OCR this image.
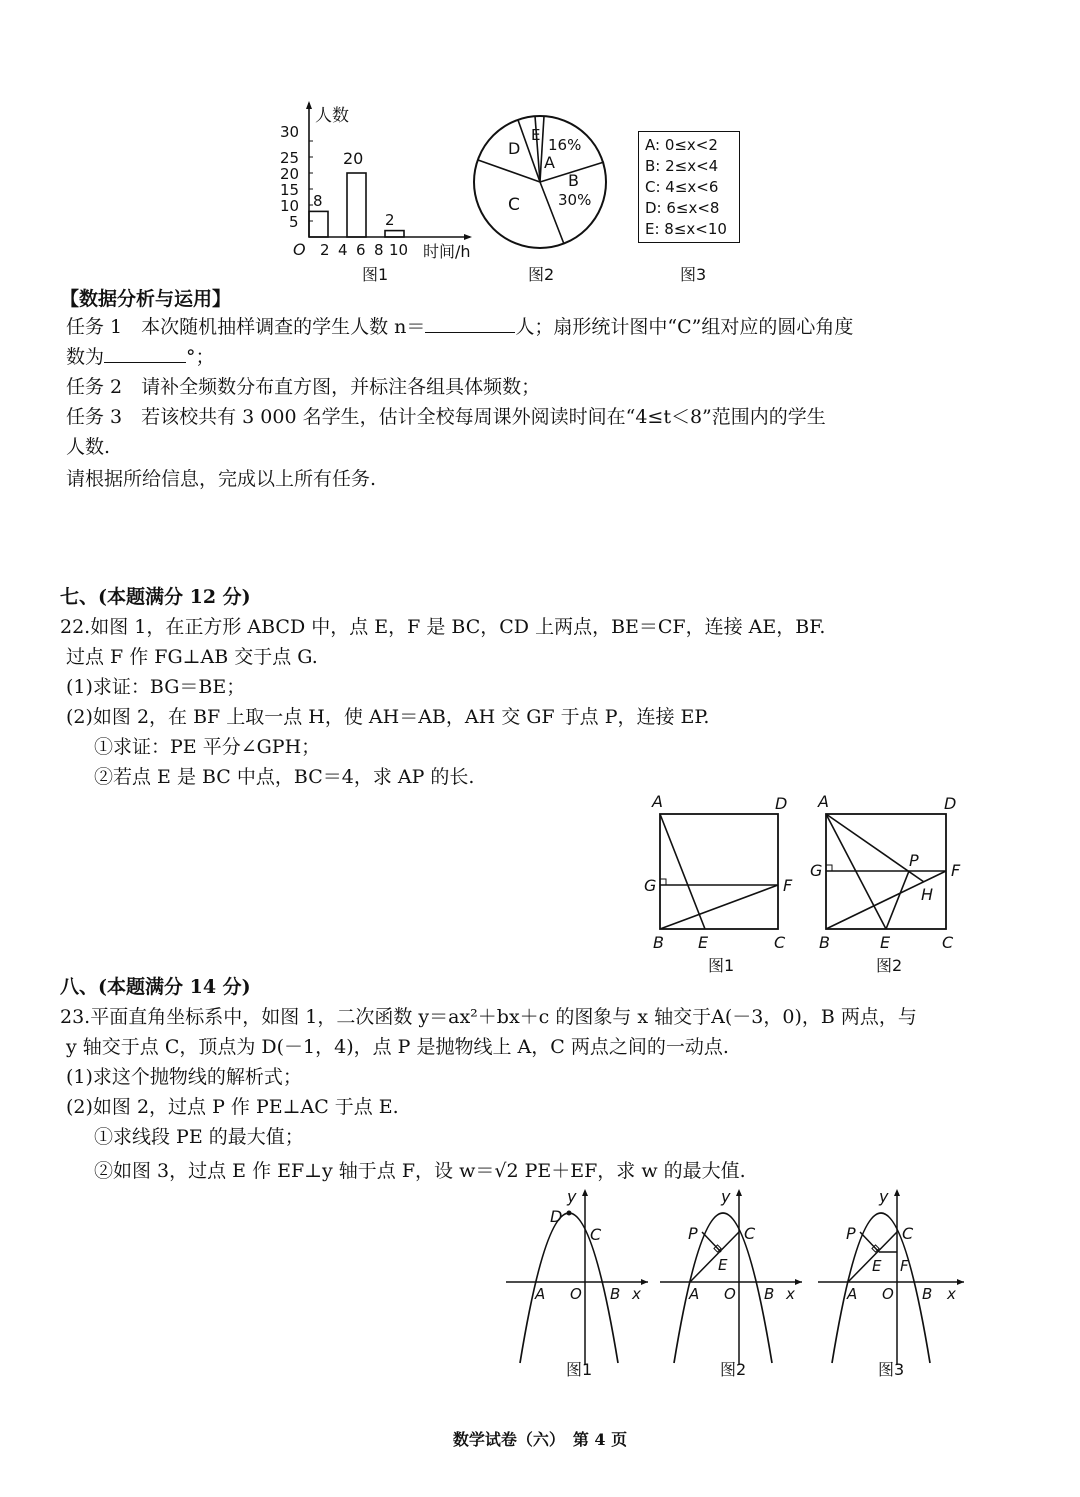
人数
时间/h
O
5
10
15
20
25
30
2 4 6 8 10
8
20
2
图1
D
E
A
16%
B
30%
C
图2
A: 0≤x<2
B: 2≤x<4
C: 4≤x<6
D: 6≤x<8
E: 8≤x<10
图3
【数据分析与运用】
任务 1　本次随机抽样调查的学生人数 n＝	人；扇形统计图中“C”组对应的圆心角度
数为	°；
任务 2　请补全频数分布直方图，并标注各组具体频数；
任务 3　若该校共有 3 000 名学生，估计全校每周课外阅读时间在“4≤t＜8”范围内的学生
人数.
请根据所给信息，完成以上所有任务.
七、(本题满分 12 分)
22.如图 1，在正方形 ABCD 中，点 E，F 是 BC，CD 上两点，BE＝CF，连接 AE，BF.
过点 F 作 FG⊥AB 交于点 G.
(1)求证：BG＝BE；
(2)如图 2，在 BF 上取一点 H，使 AH＝AB，AH 交 GF 于点 P，连接 EP.
①求证：PE 平分∠GPH；
②若点 E 是 BC 中点，BC＝4，求 AP 的长.
A	D
G	F
B E	C
图1
A	D
G
P
F
H
B	E	C
图2
八、(本题满分 14 分)
23.平面直角坐标系中，如图 1，二次函数 y＝ax²＋bx＋c 的图象与 x 轴交于A(－3，0)，B 两点，与
y 轴交于点 C，顶点为 D(－1，4)，点 P 是抛物线上 A，C 两点之间的一动点.
(1)求这个抛物线的解析式；
(2)如图 2，过点 P 作 PE⊥AC 于点 E.
①求线段 PE 的最大值；
②如图 3，过点 E 作 EF⊥y 轴于点 F，设 w＝√2 PE＋EF，求 w 的最大值.
y
D
C
A O B x
图1
y
P	C
E
A O B x
图2
y
P	C
E F
A O B x
图3
数学试卷（六）　第 4 页
